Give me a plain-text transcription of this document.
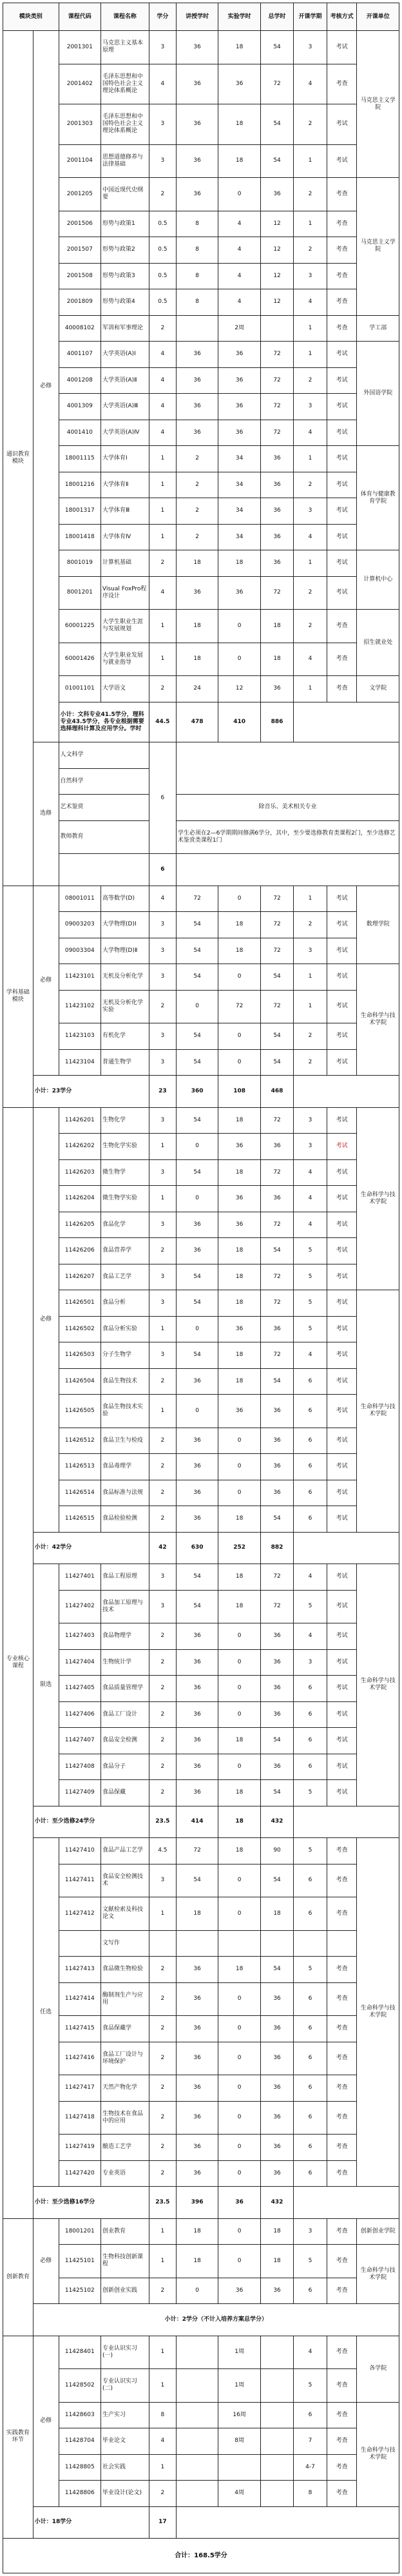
模块类别		课程代码	课程名称	学分	讲授学时	实验学时	总学时	开课学期	考核方式	开课单位
通识教育模块	必修	2001301	马克思主义基本原理	3	36	18	54	3	考试	马克思主义学院
		2001402	毛泽东思想和中国特色社会主义理论体系概论	4	36	36	72	4	考查	
		2001303	毛泽东思想和中国特色社会主义理论体系概论	3	36	18	54	2	考试	
		2001104	思想道德修养与法律基础	3	36	18	54	1	考试	
		2001205	中国近现代史纲要	2	36	0	36	2	考查	马克思主义学院
		2001506	形势与政策1	0.5	8	4	12	1	考查	
		2001507	形势与政策2	0.5	8	4	12	2	考查	
		2001508	形势与政策3	0.5	8	4	12	3	考查	
		2001809	形势与政策4	0.5	8	4	12	4	考查	
		40008102	军训和军事理论	2		2周		1	考查	学工部
		4001107	大学英语(A)Ⅰ	4	36	36	72	1	考试	外国语学院
		4001208	大学英语(A)Ⅱ	4	36	36	72	2	考试	
		4001309	大学英语(A)Ⅲ	4	36	36	72	3	考试	
		4001410	大学英语(A)Ⅳ	4	36	36	72	4	考试	
		18001115	大学体育Ⅰ	1	2	34	36	1	考试	体育与健康教育学院
		18001216	大学体育Ⅱ	1	2	34	36	2	考试	
		18001317	大学体育Ⅲ	1	2	34	36	3	考试	
		18001418	大学体育Ⅳ	1	2	34	36	4	考试	
		8001019	计算机基础	2	18	18	36	1	考试	计算机中心
		8001201	Visual FoxPro程序设计	4	36	36	72	2	考试	
		60001225	大学生职业生涯与发展规划	1	18	0	18	2	考查	招生就业处
		60001426	大学生职业发展与就业指导	1	18	0	18	4	考查	
		01001101	大学语文	2	24	12	36	1	考查	文学院
		小计：文科专业41.5学分，理科专业43.5学分，各专业根据需要选择理科计算及应用学分。学时		44.5	478	410	886			
	选修	人文科学		6						
		自然科学								
		艺术鉴赏			除音乐、美术相关专业					
		教师教育			学生必须在2—6学期期间修满6学分，其中，至少要选修教育类课程2门，至少选修艺术鉴赏类课程1门					
				6						
学科基础模块	必修	08001011	高等数学(D)	4	72	0	72	1	考试	数理学院
		09003203	大学物理(D)Ⅰ	3	54	18	72	2	考试	
		09003304	大学物理(D)Ⅱ	3	54	18	72	3	考试	
		11423101	无机及分析化学	3	54	0	54	1	考试	生命科学与技术学院
		11423102	无机及分析化学实验	2	0	72	72	1	考试	
		11423103	有机化学	3	54	0	54	2	考试	
		11423104	普通生物学	3	54	0	54	2	考试	
	小计：23学分			23	360	108	468			
专业核心课程	必修	11426201	生物化学	3	54	18	72	3	考试	生命科学与技术学院
		11426202	生物化学实验	1	0	36	36	3	考试	
		11426203	微生物学	3	54	18	72	4	考试	
		11426204	微生物学实验	1	0	36	36	4	考试	
		11426205	食品化学	3	36	36	72	4	考试	
		11426206	食品营养学	2	36	18	54	5	考试	
		11426207	食品工艺学	3	54	18	72	5	考试	
		11426501	食品分析	3	54	18	72	5	考试	生命科学与技术学院
		11426502	食品分析实验	1	0	36	36	5	考试	
		11426503	分子生物学	3	54	18	72	4	考试	
		11426504	食品生物技术	2	36	18	54	6	考试	
		11426505	食品生物技术实验	1	0	36	36	6	考试	
		11426512	食品卫生与检疫	2	36	0	36	6	考试	
		11426513	食品毒理学	2	36	0	36	6	考试	
		11426514	食品标准与法规	2	36	0	36	6	考试	
		11426515	食品检验检测	2	36	18	54	6	考试	
	小计：42学分			42	630	252	882			
	限选	11427401	食品工程原理	3	54	18	72	4	考试	生命科学与技术学院
		11427402	食品加工原理与技术	3	54	18	72	5	考试	
		11427403	食品物理学	2	36	0	36	4	考试	
		11427404	生物统计学	2	36	0	36	3	考试	
		11427405	食品质量管理学	2	36	0	36	6	考试	
		11427406	食品工厂设计	2	36	0	36	6	考试	
		11427407	食品安全检测	2	36	18	54	6	考试	
		11427408	食品分子	2	36	0	36	6	考试	
		11427409	食品保藏	2	36	18	54	5	考试	
	小计：至少选修24学分			23.5	414	18	432			
	任选	11427410	食品产品工艺学	4.5	72	18	90	5	考查	生命科学与技术学院
		11427411	食品安全检测技术	3	54	0	54	6	考查	
		11427412	文献检索及科技论文	1	18	0	18	6	考查	
			文写作							
		11427413	食品微生物检验	2	36	18	54	5	考查	
		11427414	酶制剂生产与应用	2	36	0	36	6	考查	
		11427415	食品保藏学	2	36	0	36	6	考查	
		11427416	食品工厂设计与环境保护	2	36	0	36	6	考查	
		11427417	天然产物化学	2	36	0	36	6	考查	
		11427418	生物技术在食品中的应用	2	36	0	36	6	考查	
		11427419	酿造工艺学	2	36	0	36	6	考查	
		11427420	专业英语	2	36	0	36	6	考查	
	小计：至少选修16学分			23.5	396	36	432			
创新教育	必修	18001201	创业教育	1	18	0	18	3	考查	创新创业学院
		11425101	生物科技创新课程	1	18	0	18	5	考查	生命科学与技术学院
		11425102	创新创业实践	2	0	36	36	6	考查	
	小计：2学分（不计入培养方案总学分）									
实践教育环节	必修	11428401	专业认识实习(一)	1		1周		4	考查	各学院
		11428502	专业认识实习(二)	1		1周		5	考查	
		11428603	生产实习	8		16周		6	考查	生命科学与技术学院
		11428704	毕业论文	4		8周		7	考查	
		11428805	社会实践	1				4-7	考查	
		11428806	毕业设计(论文)	2		4周		8	考查	
	小计：18学分			17						
合计：168.5学分										
